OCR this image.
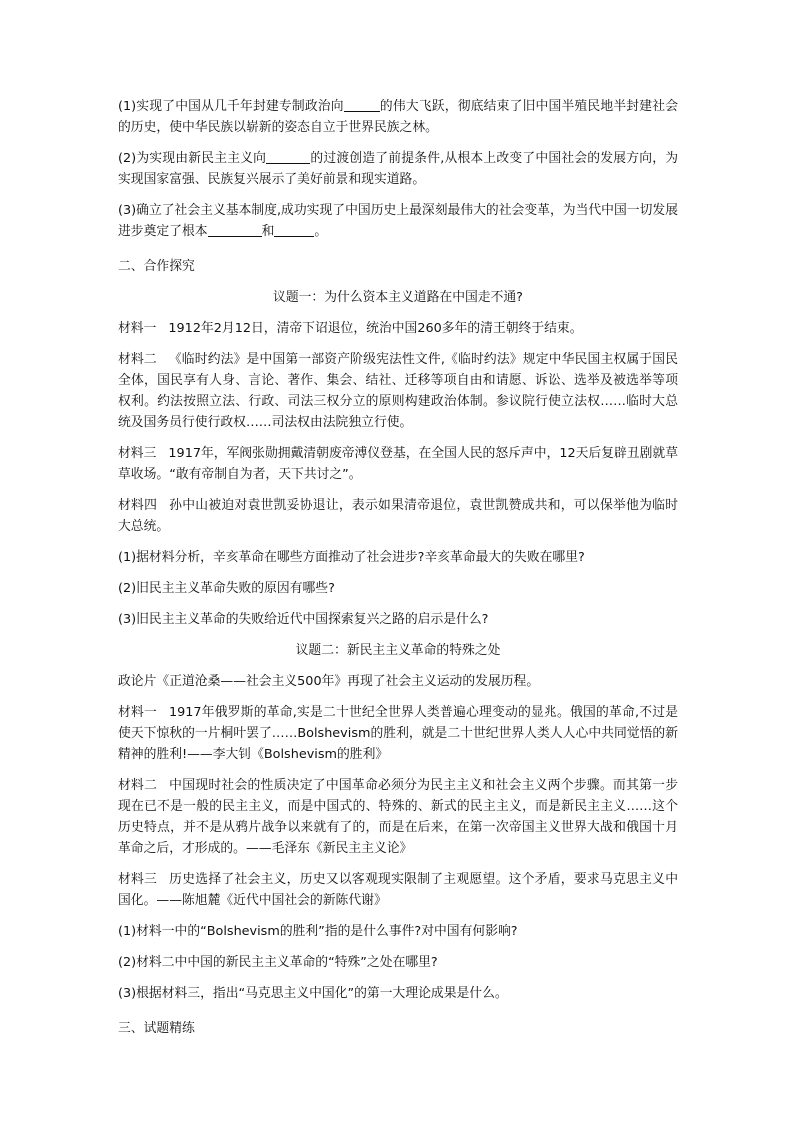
(1)实现了中国从几千年封建专制政治向	的伟大飞跃，彻底结束了旧中国半殖民地半封建社会的历史，使中华民族以崭新的姿态自立于世界民族之林。

(2)为实现由新民主主义向	的过渡创造了前提条件,从根本上改变了中国社会的发展方向，为实现国家富强、民族复兴展示了美好前景和现实道路。

(3)确立了社会主义基本制度,成功实现了中国历史上最深刻最伟大的社会变革，为当代中国一切发展进步奠定了根本	和	。

二、合作探究

议题一：为什么资本主义道路在中国走不通?

材料一 1912年2月12日，清帝下诏退位，统治中国260多年的清王朝终于结束。

材料二 《临时约法》是中国第一部资产阶级宪法性文件,《临时约法》规定中华民国主权属于国民全体，国民享有人身、言论、著作、集会、结社、迁移等项自由和请愿、诉讼、选举及被选举等项权利。约法按照立法、行政、司法三权分立的原则构建政治体制。参议院行使立法权……临时大总统及国务员行使行政权……司法权由法院独立行使。

材料三 1917年，军阀张勋拥戴清朝废帝溥仪登基，在全国人民的怒斥声中，12天后复辟丑剧就草草收场。“敢有帝制自为者，天下共讨之”。

材料四 孙中山被迫对袁世凯妥协退让，表示如果清帝退位，袁世凯赞成共和，可以保举他为临时大总统。

(1)据材料分析，辛亥革命在哪些方面推动了社会进步?辛亥革命最大的失败在哪里?

(2)旧民主主义革命失败的原因有哪些?

(3)旧民主主义革命的失败给近代中国探索复兴之路的启示是什么?

议题二：新民主主义革命的特殊之处

政论片《正道沧桑——社会主义500年》再现了社会主义运动的发展历程。

材料一 1917年俄罗斯的革命,实是二十世纪全世界人类普遍心理变动的显兆。俄国的革命,不过是使天下惊秋的一片桐叶罢了……Bolshevism的胜利，就是二十世纪世界人类人人心中共同觉悟的新精神的胜利!——李大钊《Bolshevism的胜利》

材料二 中国现时社会的性质决定了中国革命必须分为民主主义和社会主义两个步骤。而其第一步现在已不是一般的民主主义，而是中国式的、特殊的、新式的民主主义，而是新民主主义……这个历史特点，并不是从鸦片战争以来就有了的，而是在后来，在第一次帝国主义世界大战和俄国十月革命之后，才形成的。——毛泽东《新民主主义论》

材料三 历史选择了社会主义，历史又以客观现实限制了主观愿望。这个矛盾，要求马克思主义中国化。——陈旭麓《近代中国社会的新陈代谢》

(1)材料一中的“Bolshevism的胜利”指的是什么事件?对中国有何影响?

(2)材料二中中国的新民主主义革命的“特殊”之处在哪里?

(3)根据材料三，指出“马克思主义中国化”的第一大理论成果是什么。

三、试题精练
